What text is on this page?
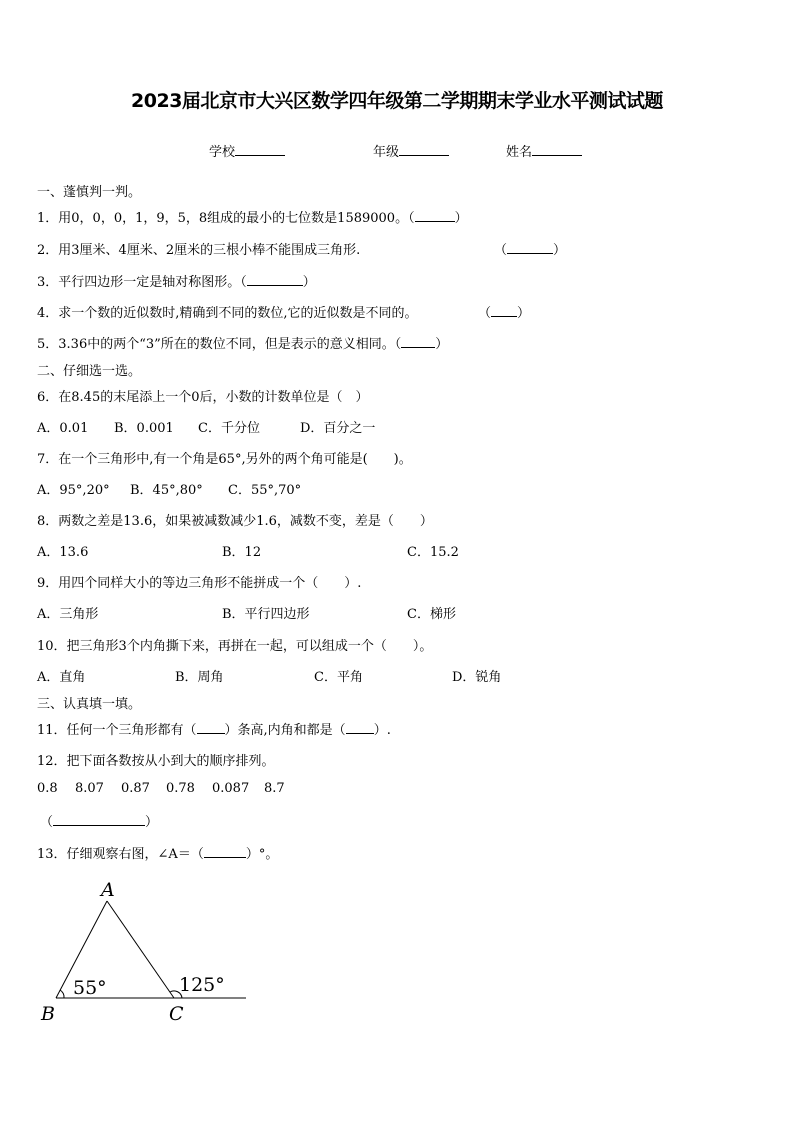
2023届北京市大兴区数学四年级第二学期期末学业水平测试试题
学校	年级	姓名
一、蓬慎判一判。
1．用0，0，0，1，9，5，8组成的最小的七位数是1589000。（	）
2．用3厘米、4厘米、2厘米的三根小棒不能围成三角形.	（	）
3．平行四边形一定是轴对称图形。（	）
4．求一个数的近似数时,精确到不同的数位,它的近似数是不同的。	（ ）
5．3.36中的两个“3”所在的数位不同，但是表示的意义相同。（	）
二、仔细选一选。
6．在8.45的末尾添上一个0后，小数的计数单位是（　）
A．0.01 B．0.001 C．千分位	D．百分之一
7．在一个三角形中,有一个角是65°,另外的两个角可能是(　　)。
A．95°,20° B．45°,80° C．55°,70°
8．两数之差是13.6，如果被减数减少1.6，减数不变，差是（　　）
A．13.6	B．12	C．15.2
9．用四个同样大小的等边三角形不能拼成一个（　　）.
A．三角形	B．平行四边形	C．梯形
10．把三角形3个内角撕下来，再拼在一起，可以组成一个（　　）。
A．直角	B．周角	C．平角	D．锐角
三、认真填一填。
11．任何一个三角形都有（ ）条高,内角和都是（ ）.
12．把下面各数按从小到大的顺序排列。
0.8 8.07 0.87 0.78 0.087 8.7
（	）
13．仔细观察右图，∠A＝（	）°。
A
B	C
55°	125°
